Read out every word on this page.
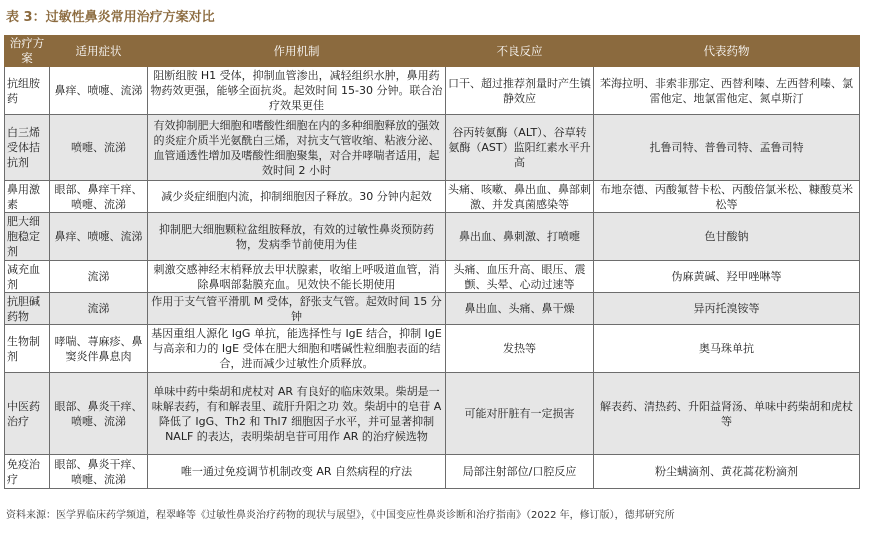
表 3：过敏性鼻炎常用治疗方案对比
治疗方案	适用症状	作用机制	不良反应	代表药物
抗组胺药	鼻痒、喷嚏、流涕	阻断组胺 H1 受体，抑制血管渗出，减轻组织水肿，鼻用药物药效更强，能够全面抗炎。起效时间 15-30 分钟。联合治疗效果更佳	口干、超过推荐剂量时产生镇静效应	苯海拉明、非索非那定、西替利嗪、左西替利嗪、氯雷他定、地氯雷他定、氮卓斯汀
白三烯受体拮抗剂	喷嚏、流涕	有效抑制肥大细胞和嗜酸性细胞在内的多种细胞释放的强效的炎症介质半光氨酰白三烯，对抗支气管收缩、粘液分泌、血管通透性增加及嗜酸性细胞聚集，对合并哮喘者适用，起效时间 2 小时	谷丙转氨酶（ALT）、谷草转氨酶（AST）监阳红素水平升高	扎鲁司特、普鲁司特、孟鲁司特
鼻用激素	眼部、鼻痒干痒、喷嚏、流涕	减少炎症细胞内流，抑制细胞因子释放。30 分钟内起效	头痛、咳嗽、鼻出血、鼻部刺激、并发真菌感染等	布地奈德、丙酸氟替卡松、丙酸倍氯米松、糠酸莫米松等
肥大细胞稳定剂	鼻痒、喷嚏、流涕	抑制肥大细胞颗粒盆组胺释放，有效的过敏性鼻炎预防药物，发病季节前使用为佳	鼻出血、鼻刺激、打喷嚏	色甘酸钠
减充血剂	流涕	刺激交感神经末梢释放去甲状腺素，收缩上呼吸道血管，消除鼻咽部黏膜充血。见效快不能长期使用	头痛、血压升高、眼压、震颤、头晕、心动过速等	伪麻黄碱、羟甲唑啉等
抗胆碱药物	流涕	作用于支气管平滑肌 M 受体，舒张支气管。起效时间 15 分钟	鼻出血、头痛、鼻干燥	异丙托溴铵等
生物制剂	哮喘、荨麻疹、鼻窦炎伴鼻息肉	基因重组人源化 IgG 单抗，能选择性与 IgE 结合，抑制 IgE 与高亲和力的 IgE 受体在肥大细胞和嗜碱性粒细胞表面的结合，进而减少过敏性介质释放。	发热等	奥马珠单抗
中医药治疗	眼部、鼻炎干痒、喷嚏、流涕	单味中药中柴胡和虎杖对 AR 有良好的临床效果。柴胡是一味解表药，有和解表里、疏肝升阳之功 效。柴胡中的皂苷 A 降低了 IgG、Th2 和 Thl7 细胞因子水平，并可显著抑制 NALF 的表达，表明柴胡皂苷可用作 AR 的治疗候选物	可能对肝脏有一定损害	解表药、清热药、升阳益肾汤、单味中药柴胡和虎杖等
免疫治疗	眼部、鼻炎干痒、喷嚏、流涕	唯一通过免疫调节机制改变 AR 自然病程的疗法	局部注射部位/口腔反应	粉尘螨滴剂、黄花蒿花粉滴剂
资料来源：医学界临床药学频道，程翠峰等《过敏性鼻炎治疗药物的现状与展望》，《中国变应性鼻炎诊断和治疗指南》（2022 年，修订版），德邦研究所
